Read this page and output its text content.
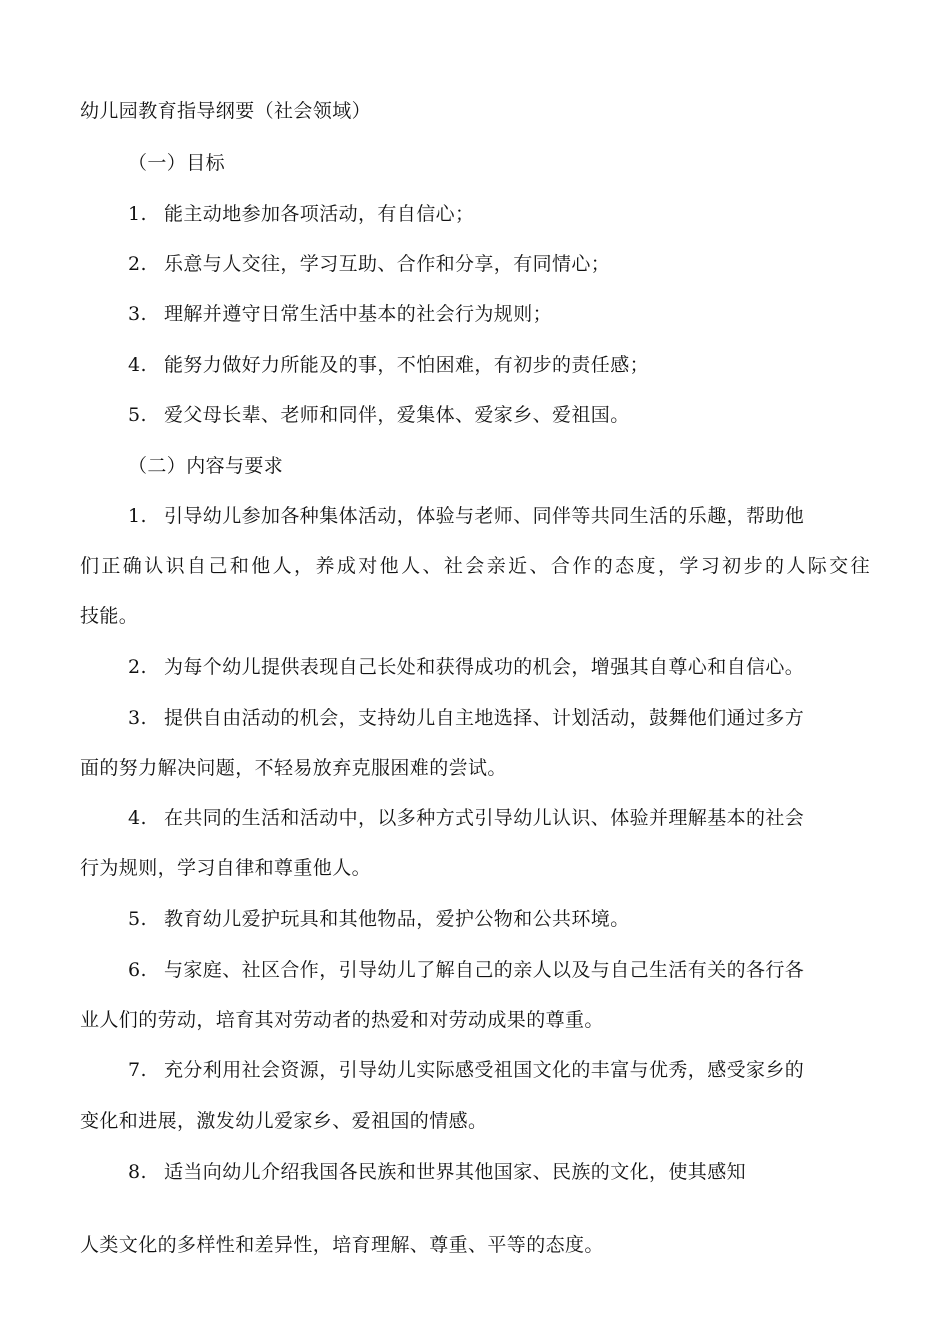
幼儿园教育指导纲要（社会领域）
（一）目标
1. 能主动地参加各项活动，有自信心；
2. 乐意与人交往，学习互助、合作和分享，有同情心；
3. 理解并遵守日常生活中基本的社会行为规则；
4. 能努力做好力所能及的事，不怕困难，有初步的责任感；
5. 爱父母长辈、老师和同伴，爱集体、爱家乡、爱祖国。
（二）内容与要求
1. 引导幼儿参加各种集体活动，体验与老师、同伴等共同生活的乐趣，帮助他
们正确认识自己和他人，养成对他人、社会亲近、合作的态度，学习初步的人际交往
技能。
2. 为每个幼儿提供表现自己长处和获得成功的机会，增强其自尊心和自信心。
3. 提供自由活动的机会，支持幼儿自主地选择、计划活动，鼓舞他们通过多方
面的努力解决问题，不轻易放弃克服困难的尝试。
4. 在共同的生活和活动中，以多种方式引导幼儿认识、体验并理解基本的社会
行为规则，学习自律和尊重他人。
5. 教育幼儿爱护玩具和其他物品，爱护公物和公共环境。
6. 与家庭、社区合作，引导幼儿了解自己的亲人以及与自己生活有关的各行各
业人们的劳动，培育其对劳动者的热爱和对劳动成果的尊重。
7. 充分利用社会资源，引导幼儿实际感受祖国文化的丰富与优秀，感受家乡的
变化和进展，激发幼儿爱家乡、爱祖国的情感。
8. 适当向幼儿介绍我国各民族和世界其他国家、民族的文化，使其感知
人类文化的多样性和差异性，培育理解、尊重、平等的态度。
